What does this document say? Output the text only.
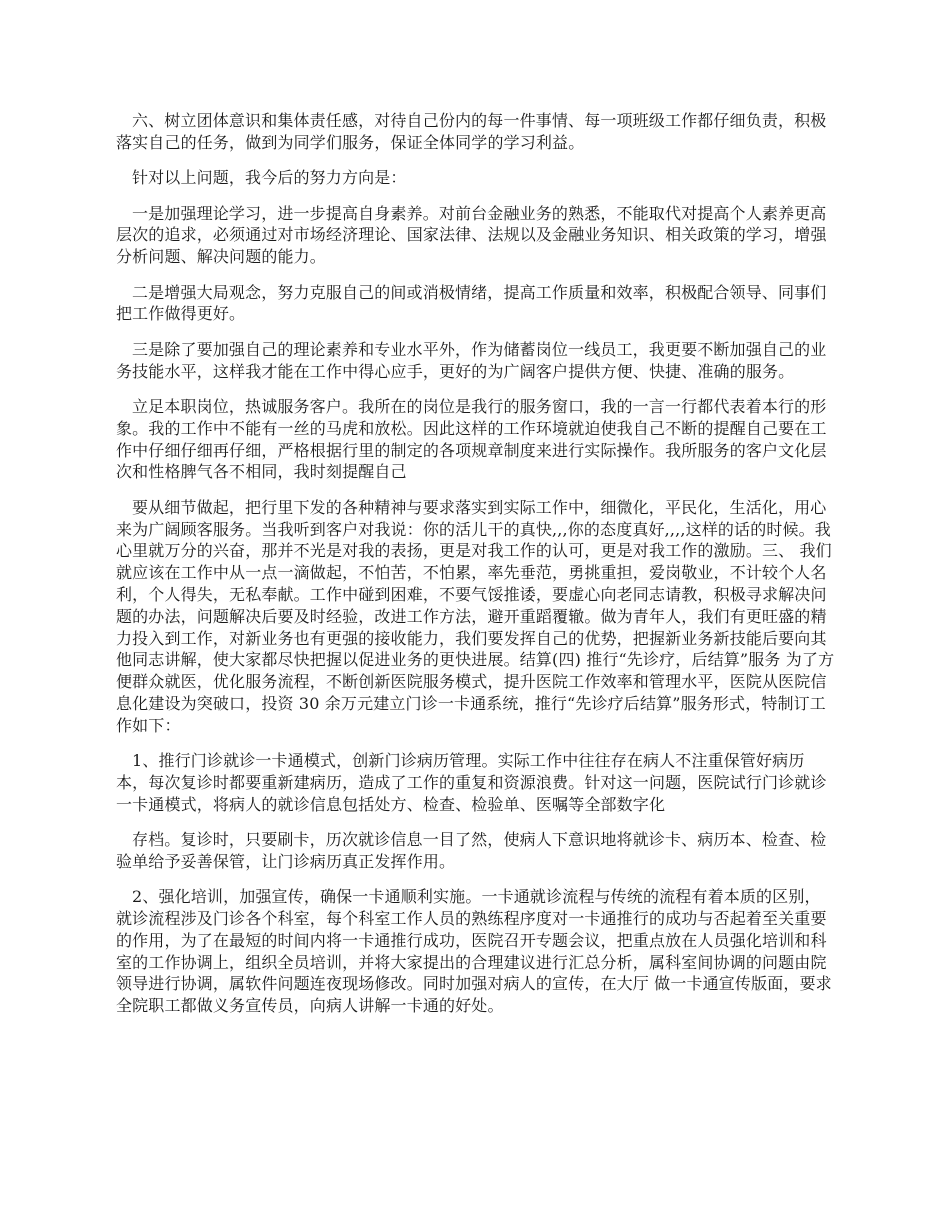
六、树立团体意识和集体责任感，对待自己份内的每一件事情、每一项班级工作都仔细负责，积极落实自己的任务，做到为同学们服务，保证全体同学的学习利益。

针对以上问题，我今后的努力方向是：

一是加强理论学习，进一步提高自身素养。对前台金融业务的熟悉，不能取代对提高个人素养更高层次的追求，必须通过对市场经济理论、国家法律、法规以及金融业务知识、相关政策的学习，增强分析问题、解决问题的能力。

二是增强大局观念，努力克服自己的间或消极情绪，提高工作质量和效率，积极配合领导、同事们把工作做得更好。

三是除了要加强自己的理论素养和专业水平外，作为储蓄岗位一线员工，我更要不断加强自己的业务技能水平，这样我才能在工作中得心应手，更好的为广阔客户提供方便、快捷、准确的服务。

立足本职岗位，热诚服务客户。我所在的岗位是我行的服务窗口，我的一言一行都代表着本行的形象。我的工作中不能有一丝的马虎和放松。因此这样的工作环境就迫使我自己不断的提醒自己要在工作中仔细仔细再仔细，严格根据行里的制定的各项规章制度来进行实际操作。我所服务的客户文化层次和性格脾气各不相同，我时刻提醒自己

要从细节做起，把行里下发的各种精神与要求落实到实际工作中，细微化，平民化，生活化，用心来为广阔顾客服务。当我听到客户对我说：你的活儿干的真快,,,你的态度真好,,,,这样的话的时候。我心里就万分的兴奋，那并不光是对我的表扬，更是对我工作的认可，更是对我工作的激励。三、 我们就应该在工作中从一点一滴做起，不怕苦，不怕累，率先垂范，勇挑重担，爱岗敬业，不计较个人名利，个人得失，无私奉献。工作中碰到困难，不要气馁推诿，要虚心向老同志请教，积极寻求解决问题的办法，问题解决后要及时经验，改进工作方法，避开重蹈覆辙。做为青年人，我们有更旺盛的精力投入到工作，对新业务也有更强的接收能力，我们要发挥自己的优势，把握新业务新技能后要向其他同志讲解，使大家都尽快把握以促进业务的更快进展。结算(四) 推行“先诊疗，后结算”服务 为了方便群众就医，优化服务流程，不断创新医院服务模式，提升医院工作效率和管理水平，医院从医院信息化建设为突破口，投资 30 余万元建立门诊一卡通系统，推行“先诊疗后结算”服务形式，特制订工作如下：

1、推行门诊就诊一卡通模式，创新门诊病历管理。实际工作中往往存在病人不注重保管好病历本，每次复诊时都要重新建病历，造成了工作的重复和资源浪费。针对这一问题，医院试行门诊就诊一卡通模式，将病人的就诊信息包括处方、检查、检验单、医嘱等全部数字化

存档。复诊时，只要刷卡，历次就诊信息一目了然，使病人下意识地将就诊卡、病历本、检查、检验单给予妥善保管，让门诊病历真正发挥作用。

2、强化培训，加强宣传，确保一卡通顺利实施。一卡通就诊流程与传统的流程有着本质的区别，就诊流程涉及门诊各个科室，每个科室工作人员的熟练程序度对一卡通推行的成功与否起着至关重要的作用，为了在最短的时间内将一卡通推行成功，医院召开专题会议，把重点放在人员强化培训和科室的工作协调上，组织全员培训，并将大家提出的合理建议进行汇总分析，属科室间协调的问题由院领导进行协调，属软件问题连夜现场修改。同时加强对病人的宣传，在大厅 做一卡通宣传版面，要求全院职工都做义务宣传员，向病人讲解一卡通的好处。
